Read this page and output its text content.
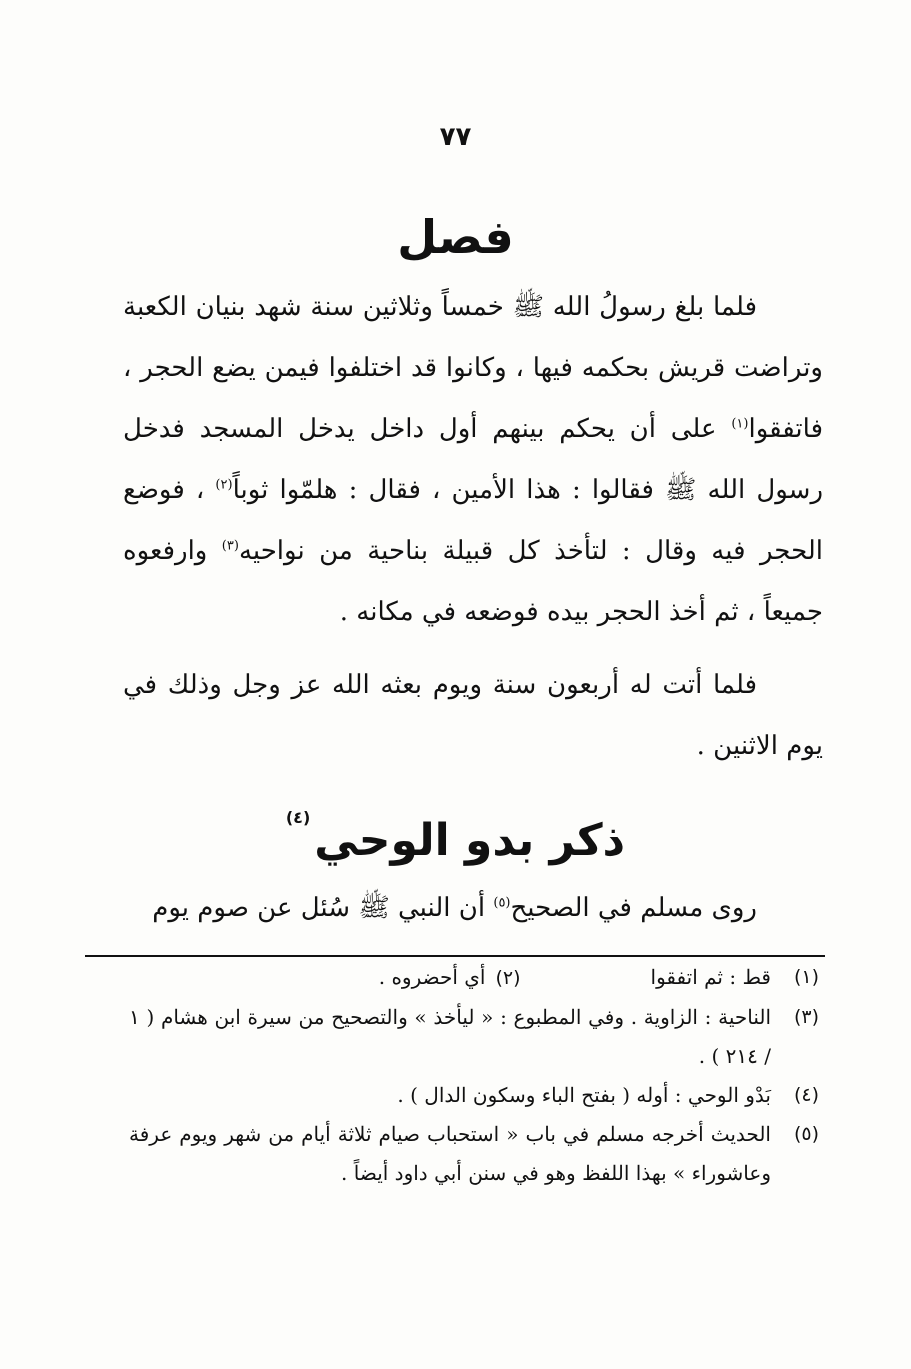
٧٧
فصل
فلما بلغ رسولُ الله ﷺ خمساً وثلاثين سنة شهد بنيان الكعبة وتراضت قريش بحكمه فيها ، وكانوا قد اختلفوا فيمن يضع الحجر ، فاتفقوا$^{(١)}$ على أن يحكم بينهم أول داخل يدخل المسجد فدخل رسول الله ﷺ فقالوا : هذا الأمين ، فقال : هلمّوا ثوباً$^{(٢)}$ ، فوضع الحجر فيه وقال : لتأخذ كل قبيلة بناحية من نواحيه$^{(٣)}$ وارفعوه جميعاً ، ثم أخذ الحجر بيده فوضعه في مكانه .
فلما أتت له أربعون سنة ويوم بعثه الله عز وجل وذلك في يوم الاثنين .
ذكر بدو الوحي$^{(٤)}$
روى مسلم في الصحيح$^{(٥)}$ أن النبي ﷺ سُئل عن صوم يوم
(١)
قط : ثم اتفقوا(٢)أي أحضروه .
(٣)
الناحية : الزاوية . وفي المطبوع : « ليأخذ » والتصحيح من سيرة ابن هشام ( ١ / ٢١٤ ) .
(٤)
بَدْو الوحي : أوله ( بفتح الباء وسكون الدال ) .
(٥)
الحديث أخرجه مسلم في باب « استحباب صيام ثلاثة أيام من شهر ويوم عرفة وعاشوراء » بهذا اللفظ وهو في سنن أبي داود أيضاً .
